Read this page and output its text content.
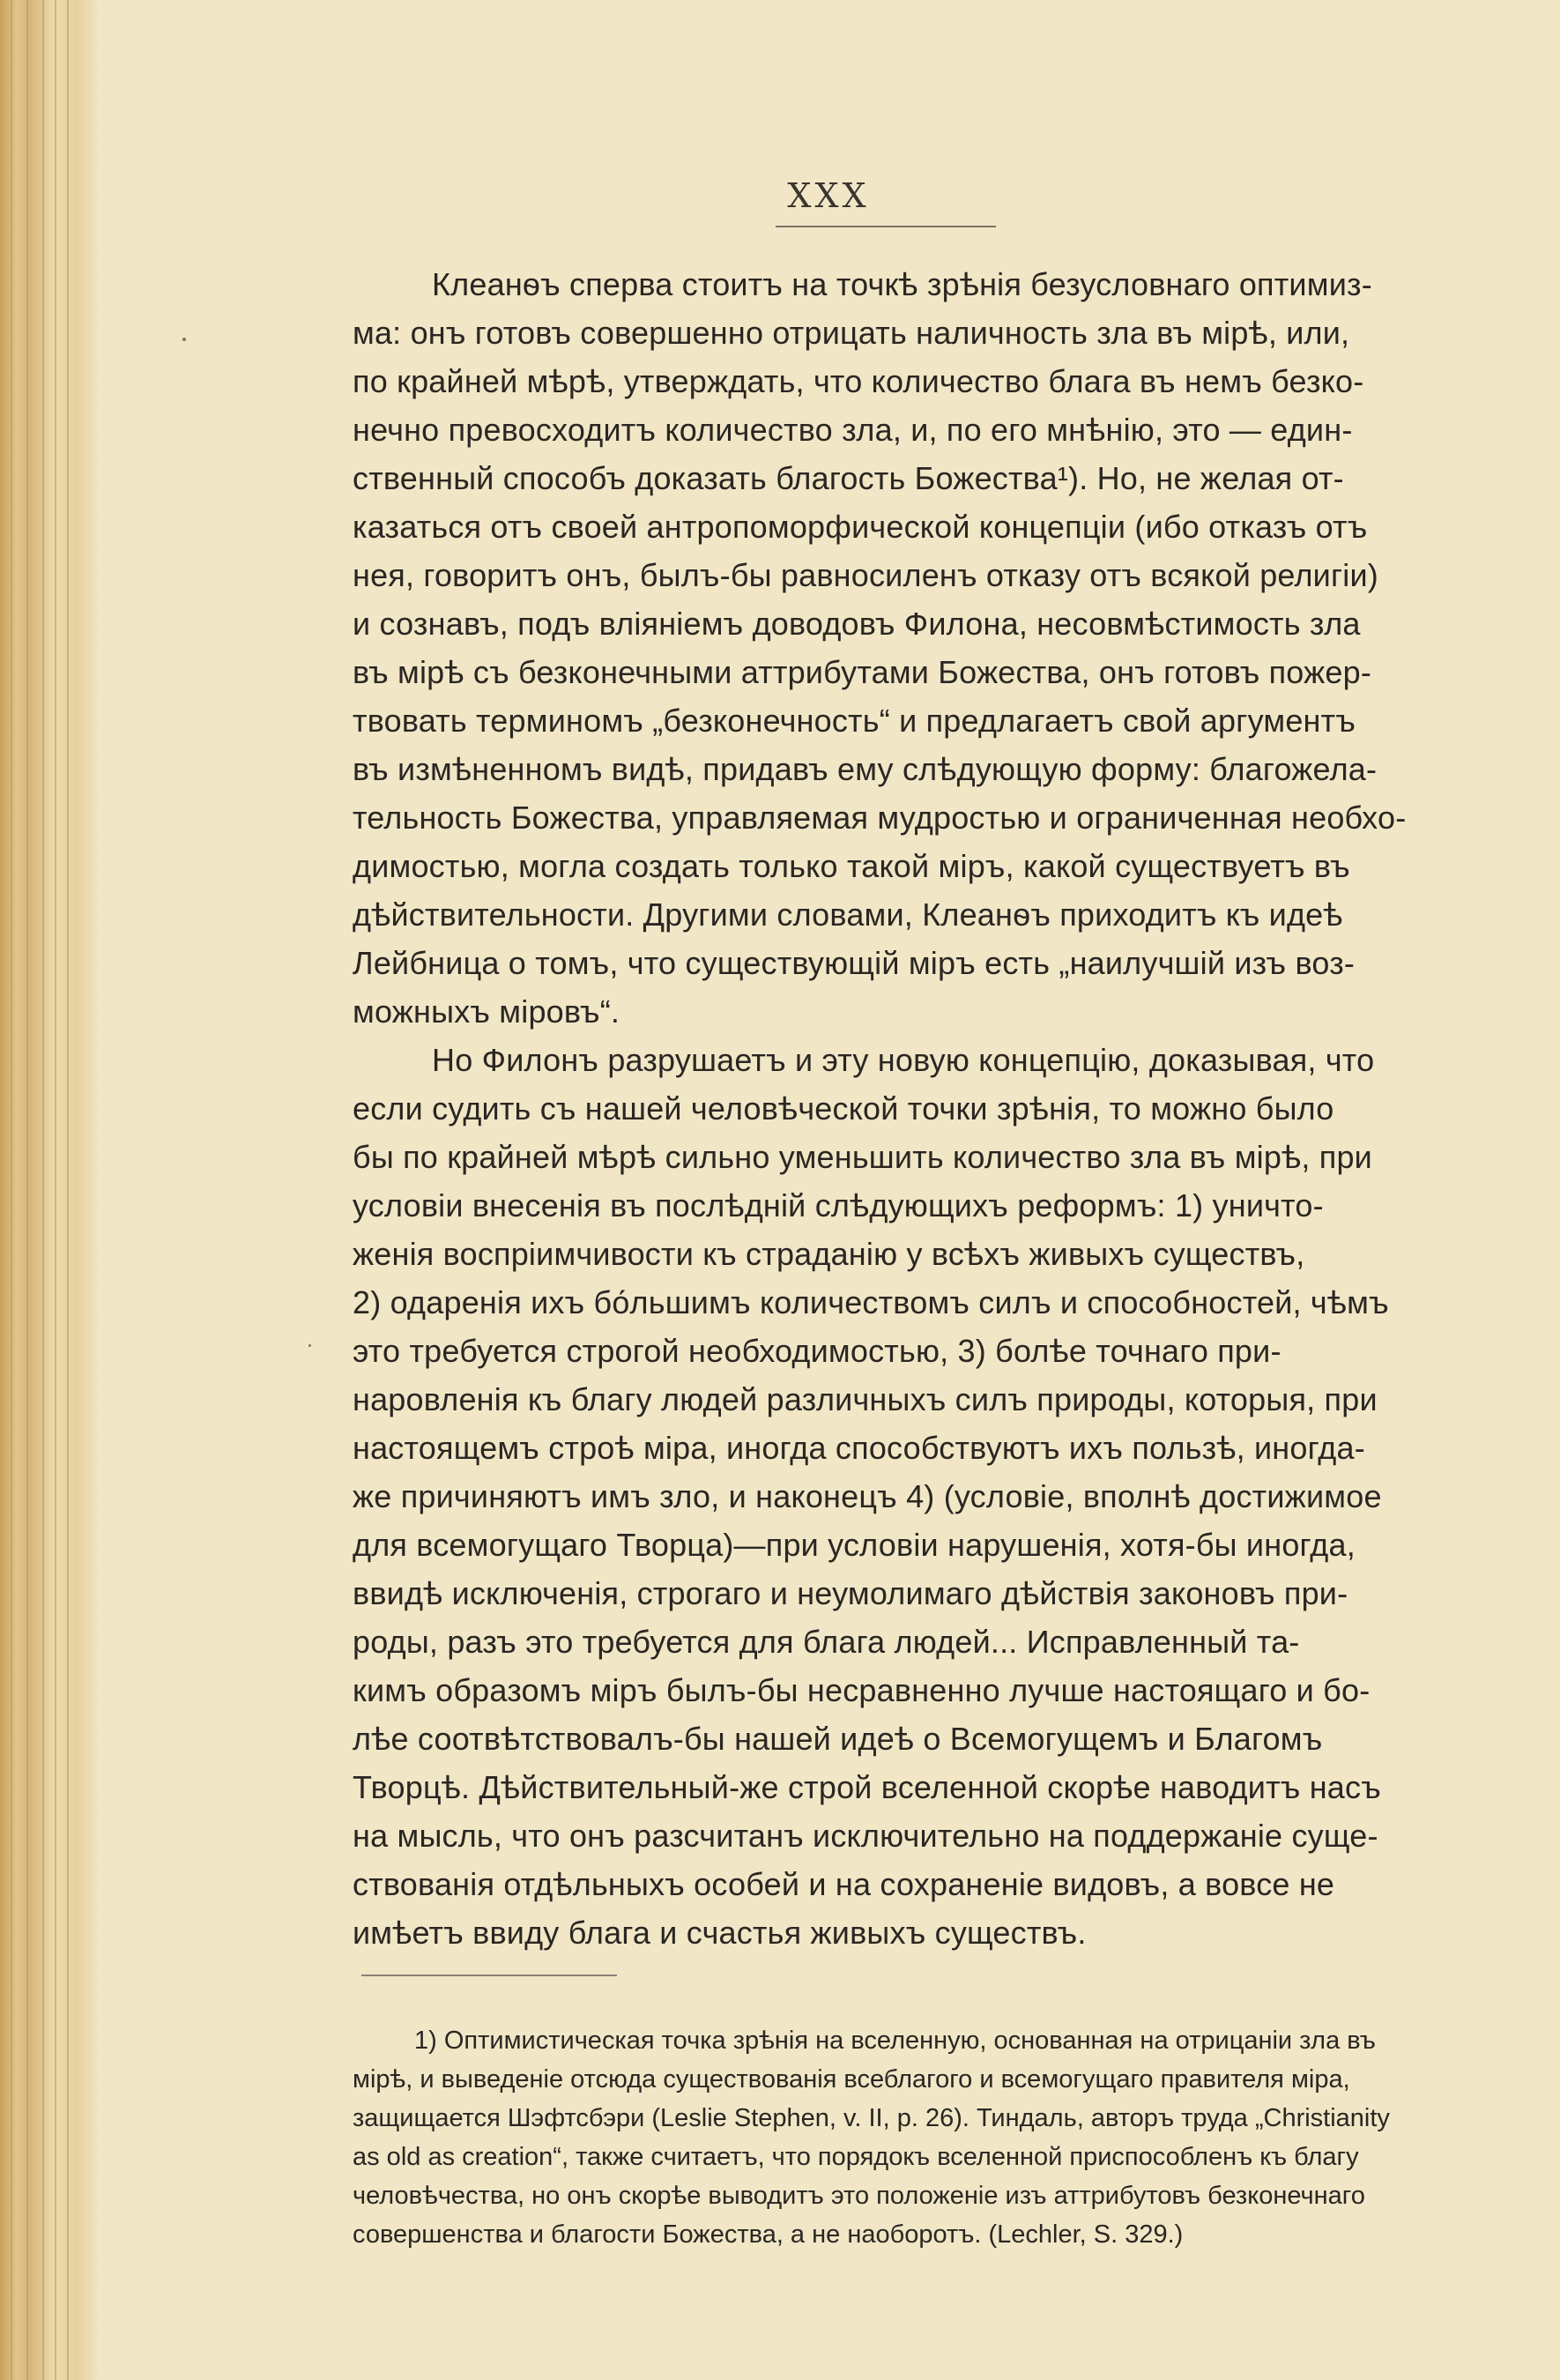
XXX
Клеанѳъ сперва стоитъ на точкѣ зрѣнія безусловнаго оптимиз-
ма: онъ готовъ совершенно отрицать наличность зла въ мірѣ, или,
по крайней мѣрѣ, утверждать, что количество блага въ немъ безко-
нечно превосходитъ количество зла, и, по его мнѣнію, это — един-
ственный способъ доказать благость Божества¹). Но, не желая от-
казаться отъ своей антропоморфической концепціи (ибо отказъ отъ
нея, говоритъ онъ, былъ-бы равносиленъ отказу отъ всякой религіи)
и сознавъ, подъ вліяніемъ доводовъ Филона, несовмѣстимость зла
въ мірѣ съ безконечными аттрибутами Божества, онъ готовъ пожер-
твовать терминомъ „безконечность“ и предлагаетъ свой аргументъ
въ измѣненномъ видѣ, придавъ ему слѣдующую форму: благожела-
тельность Божества, управляемая мудростью и ограниченная необхо-
димостью, могла создать только такой міръ, какой существуетъ въ
дѣйствительности. Другими словами, Клеанѳъ приходитъ къ идеѣ
Лейбница о томъ, что существующій міръ есть „наилучшій изъ воз-
можныхъ міровъ“.
Но Филонъ разрушаетъ и эту новую концепцію, доказывая, что
если судить съ нашей человѣческой точки зрѣнія, то можно было
бы по крайней мѣрѣ сильно уменьшить количество зла въ мірѣ, при
условіи внесенія въ послѣдній слѣдующихъ реформъ: 1) уничто-
женія воспріимчивости къ страданію у всѣхъ живыхъ существъ,
2) одаренія ихъ бо́льшимъ количествомъ силъ и способностей, чѣмъ
это требуется строгой необходимостью, 3) болѣе точнаго при-
наровленія къ благу людей различныхъ силъ природы, которыя, при
настоящемъ строѣ міра, иногда способствуютъ ихъ пользѣ, иногда-
же причиняютъ имъ зло, и наконецъ 4) (условіе, вполнѣ достижимое
для всемогущаго Творца)—при условіи нарушенія, хотя-бы иногда,
ввидѣ исключенія, строгаго и неумолимаго дѣйствія законовъ при-
роды, разъ это требуется для блага людей... Исправленный та-
кимъ образомъ міръ былъ-бы несравненно лучше настоящаго и бо-
лѣе соотвѣтствовалъ-бы нашей идеѣ о Всемогущемъ и Благомъ
Творцѣ. Дѣйствительный-же строй вселенной скорѣе наводитъ насъ
на мысль, что онъ разсчитанъ исключительно на поддержаніе суще-
ствованія отдѣльныхъ особей и на сохраненіе видовъ, а вовсе не
имѣетъ ввиду блага и счастья живыхъ существъ.
1) Оптимистическая точка зрѣнія на вселенную, основанная на отрицаніи зла въ
мірѣ, и выведеніе отсюда существованія всеблагого и всемогущаго правителя міра,
защищается Шэфтсбэри (Leslie Stephen, v. II, p. 26). Тиндаль, авторъ труда „Christianity
as old as creation“, также считаетъ, что порядокъ вселенной приспособленъ къ благу
человѣчества, но онъ скорѣе выводитъ это положеніе изъ аттрибутовъ безконечнаго
совершенства и благости Божества, а не наоборотъ. (Lechler, S. 329.)
